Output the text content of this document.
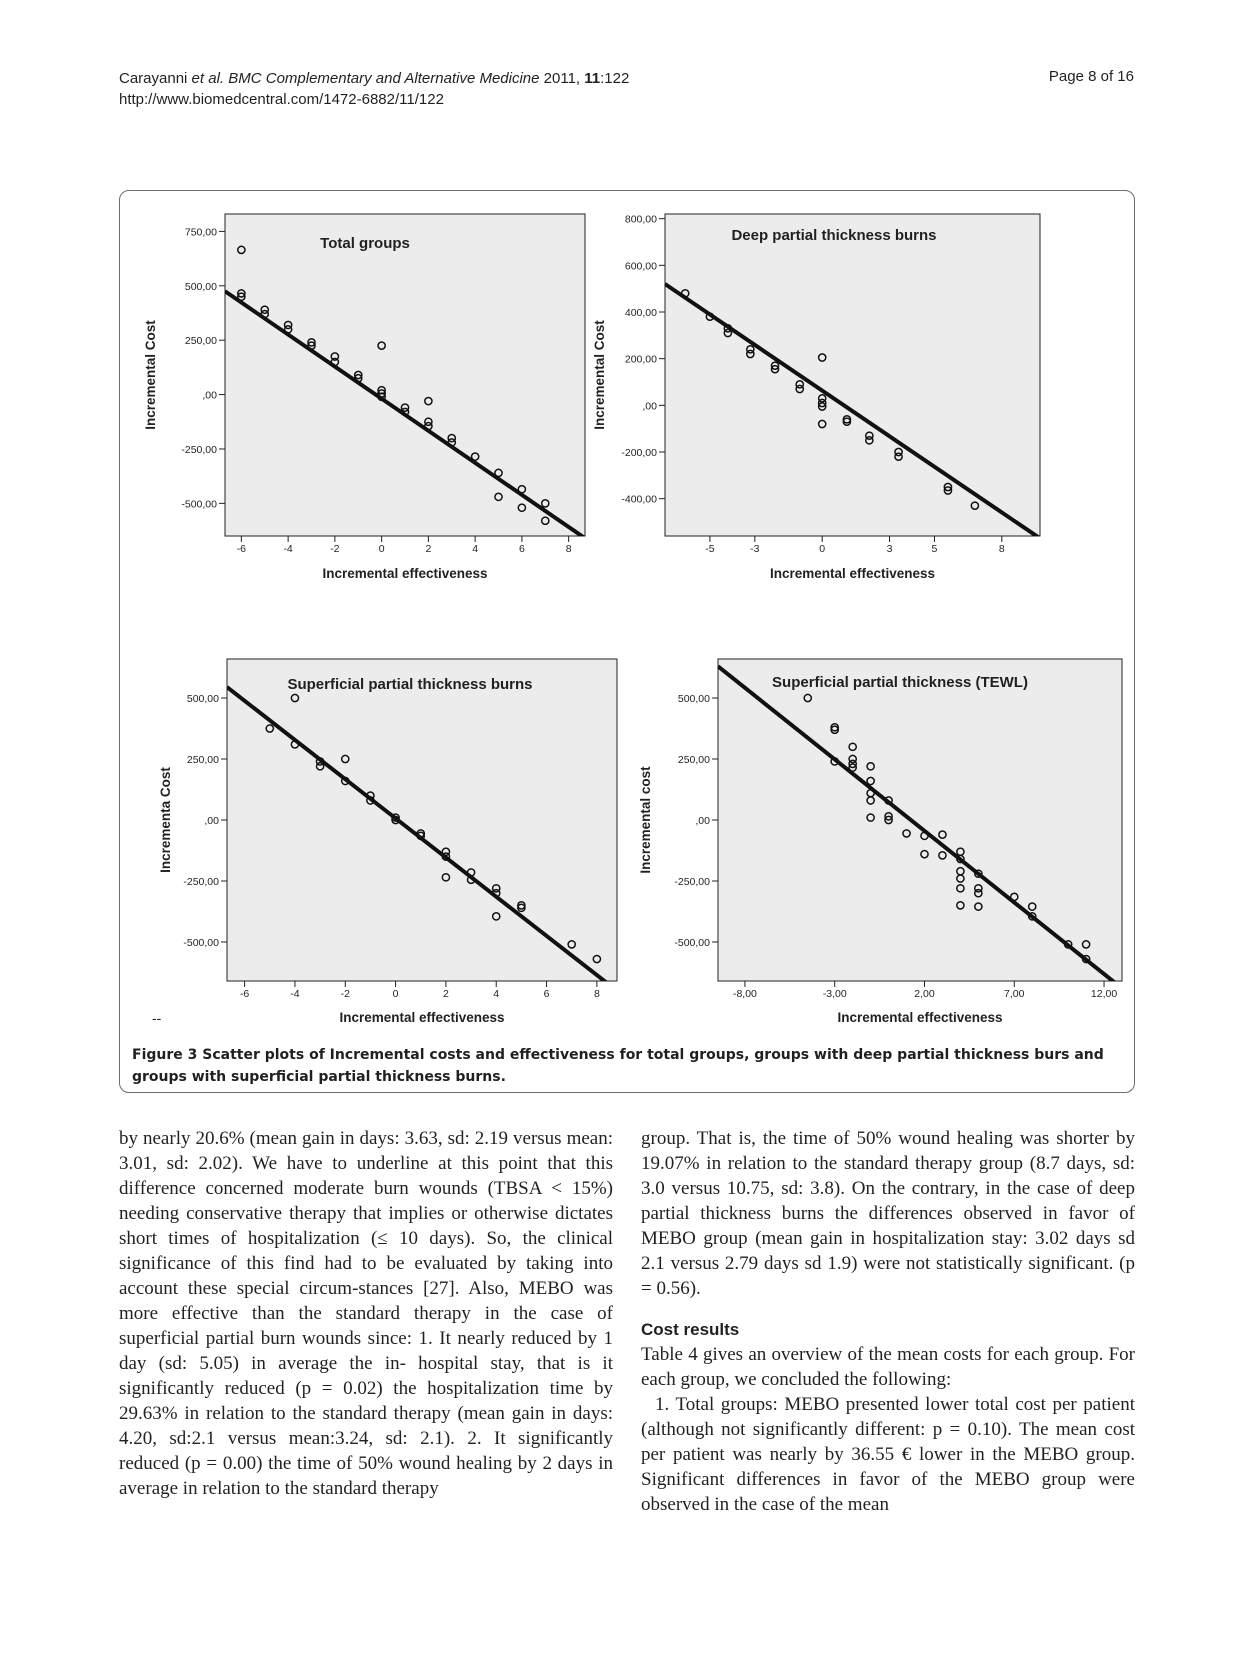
Carayanni et al. BMC Complementary and Alternative Medicine 2011, 11:122
http://www.biomedcentral.com/1472-6882/11/122
Page 8 of 16
750,00
500,00
250,00
,00
-250,00
-500,00
-6	-4	-2	0	2	4	6	8
Total groups
Incremental effectiveness
Incremental Cost
800,00
600,00
400,00
200,00
,00
-200,00
-400,00
-5	-3	0	3	5	8
Deep partial thickness burns
Incremental effectiveness
Incremental Cost
500,00
250,00
,00
-250,00
-500,00
-6	-4	-2	0	2	4	6	8
Superficial partial thickness burns
Incremental effectiveness
Incrementa Cost
500,00
250,00
,00
-250,00
-500,00
-8,00	-3,00	2,00	7,00	12,00
Superficial partial thickness (TEWL)
Incremental effectiveness
Incremental cost
--
Figure 3 Scatter plots of Incremental costs and effectiveness for total groups, groups with deep partial thickness burs and groups with superficial partial thickness burns.
by nearly 20.6% (mean gain in days: 3.63, sd: 2.19 versus mean: 3.01, sd: 2.02). We have to underline at this point that this difference concerned moderate burn wounds (TBSA < 15%) needing conservative therapy that implies or otherwise dictates short times of hospitalization (≤ 10 days). So, the clinical significance of this find had to be evaluated by taking into account these special circum-stances [27]. Also, MEBO was more effective than the standard therapy in the case of superficial partial burn wounds since: 1. It nearly reduced by 1 day (sd: 5.05) in average the in- hospital stay, that is it significantly reduced (p = 0.02) the hospitalization time by 29.63% in relation to the standard therapy (mean gain in days: 4.20, sd:2.1 versus mean:3.24, sd: 2.1). 2. It significantly reduced (p = 0.00) the time of 50% wound healing by 2 days in average in relation to the standard therapy

group. That is, the time of 50% wound healing was shorter by 19.07% in relation to the standard therapy group (8.7 days, sd: 3.0 versus 10.75, sd: 3.8). On the contrary, in the case of deep partial thickness burns the differences observed in favor of MEBO group (mean gain in hospitalization stay: 3.02 days sd 2.1 versus 2.79 days sd 1.9) were not statistically significant. (p = 0.56).

Cost results

Table 4 gives an overview of the mean costs for each group. For each group, we concluded the following:

1. Total groups: MEBO presented lower total cost per patient (although not significantly different: p = 0.10). The mean cost per patient was nearly by 36.55 € lower in the MEBO group. Significant differences in favor of the MEBO group were observed in the case of the mean
